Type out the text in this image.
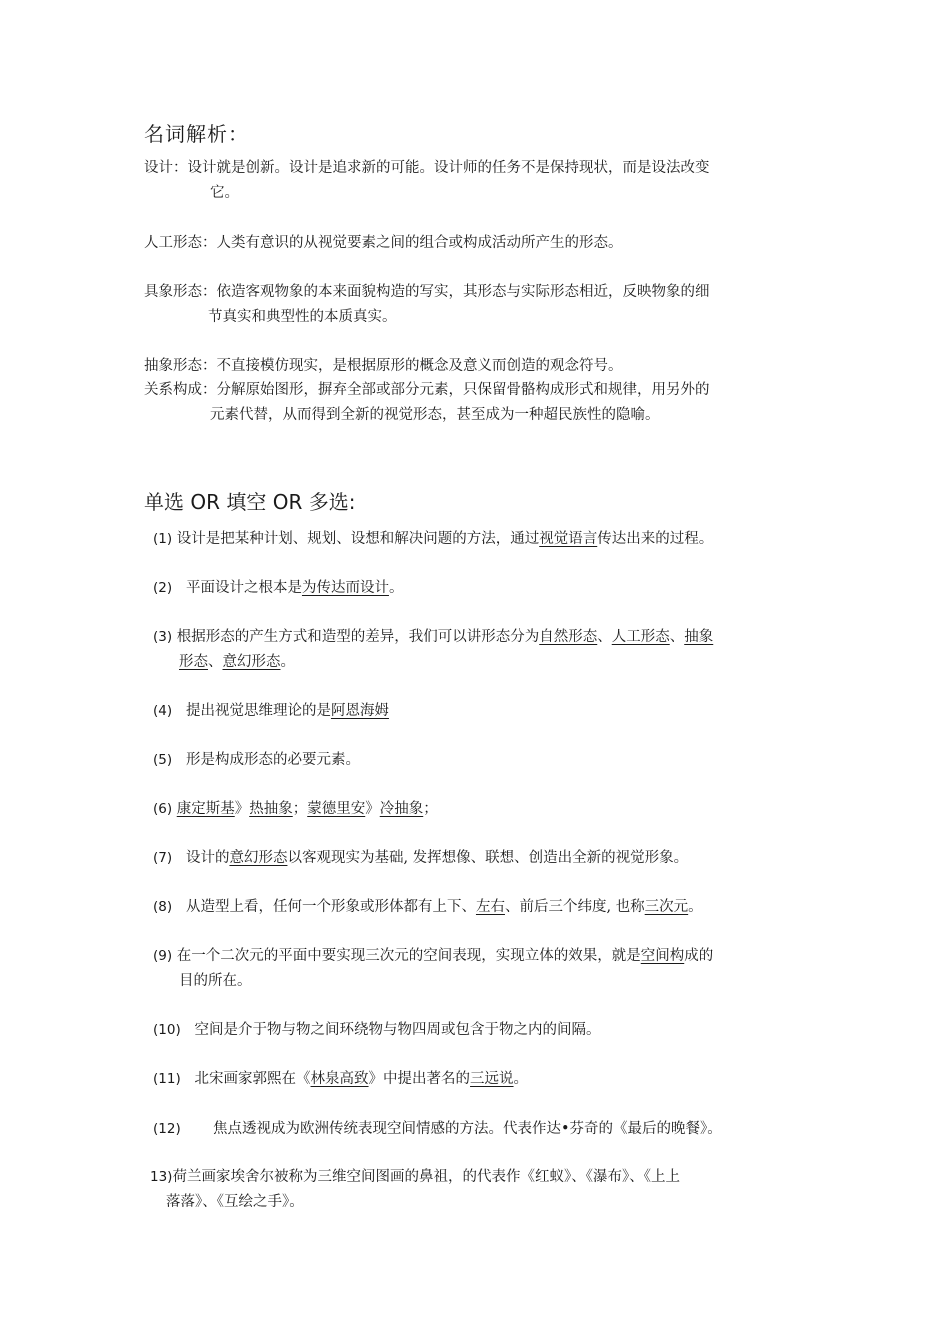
名词解析：
设计：设计就是创新。设计是追求新的可能。设计师的任务不是保持现状，而是设法改变
它。
人工形态：人类有意识的从视觉要素之间的组合或构成活动所产生的形态。
具象形态：依造客观物象的本来面貌构造的写实，其形态与实际形态相近，反映物象的细
节真实和典型性的本质真实。
抽象形态：不直接模仿现实，是根据原形的概念及意义而创造的观念符号。
关系构成：分解原始图形，摒弃全部或部分元素，只保留骨骼构成形式和规律，用另外的
元素代替，从而得到全新的视觉形态，甚至成为一种超民族性的隐喻。
单选 OR 填空 OR 多选:
(1) 设计是把某种计划、规划、设想和解决问题的方法，通过视觉语言传达出来的过程。
(2) 平面设计之根本是为传达而设计。
(3) 根据形态的产生方式和造型的差异，我们可以讲形态分为自然形态、人工形态、抽象
形态、意幻形态。
(4) 提出视觉思维理论的是阿恩海姆
(5) 形是构成形态的必要元素。
(6) 康定斯基》热抽象；蒙德里安》冷抽象；
(7) 设计的意幻形态以客观现实为基础, 发挥想像、联想、创造出全新的视觉形象。
(8) 从造型上看，任何一个形象或形体都有上下、左右、前后三个纬度, 也称三次元。
(9) 在一个二次元的平面中要实现三次元的空间表现，实现立体的效果，就是空间构成的
目的所在。
(10) 空间是介于物与物之间环绕物与物四周或包含于物之内的间隔。
(11) 北宋画家郭熙在《林泉高致》中提出著名的三远说。
(12) 焦点透视成为欧洲传统表现空间情感的方法。代表作达•芬奇的《最后的晚餐》。
13)荷兰画家埃舍尔被称为三维空间图画的鼻祖，的代表作《红蚁》、《瀑布》、《上上
落落》、《互绘之手》。
